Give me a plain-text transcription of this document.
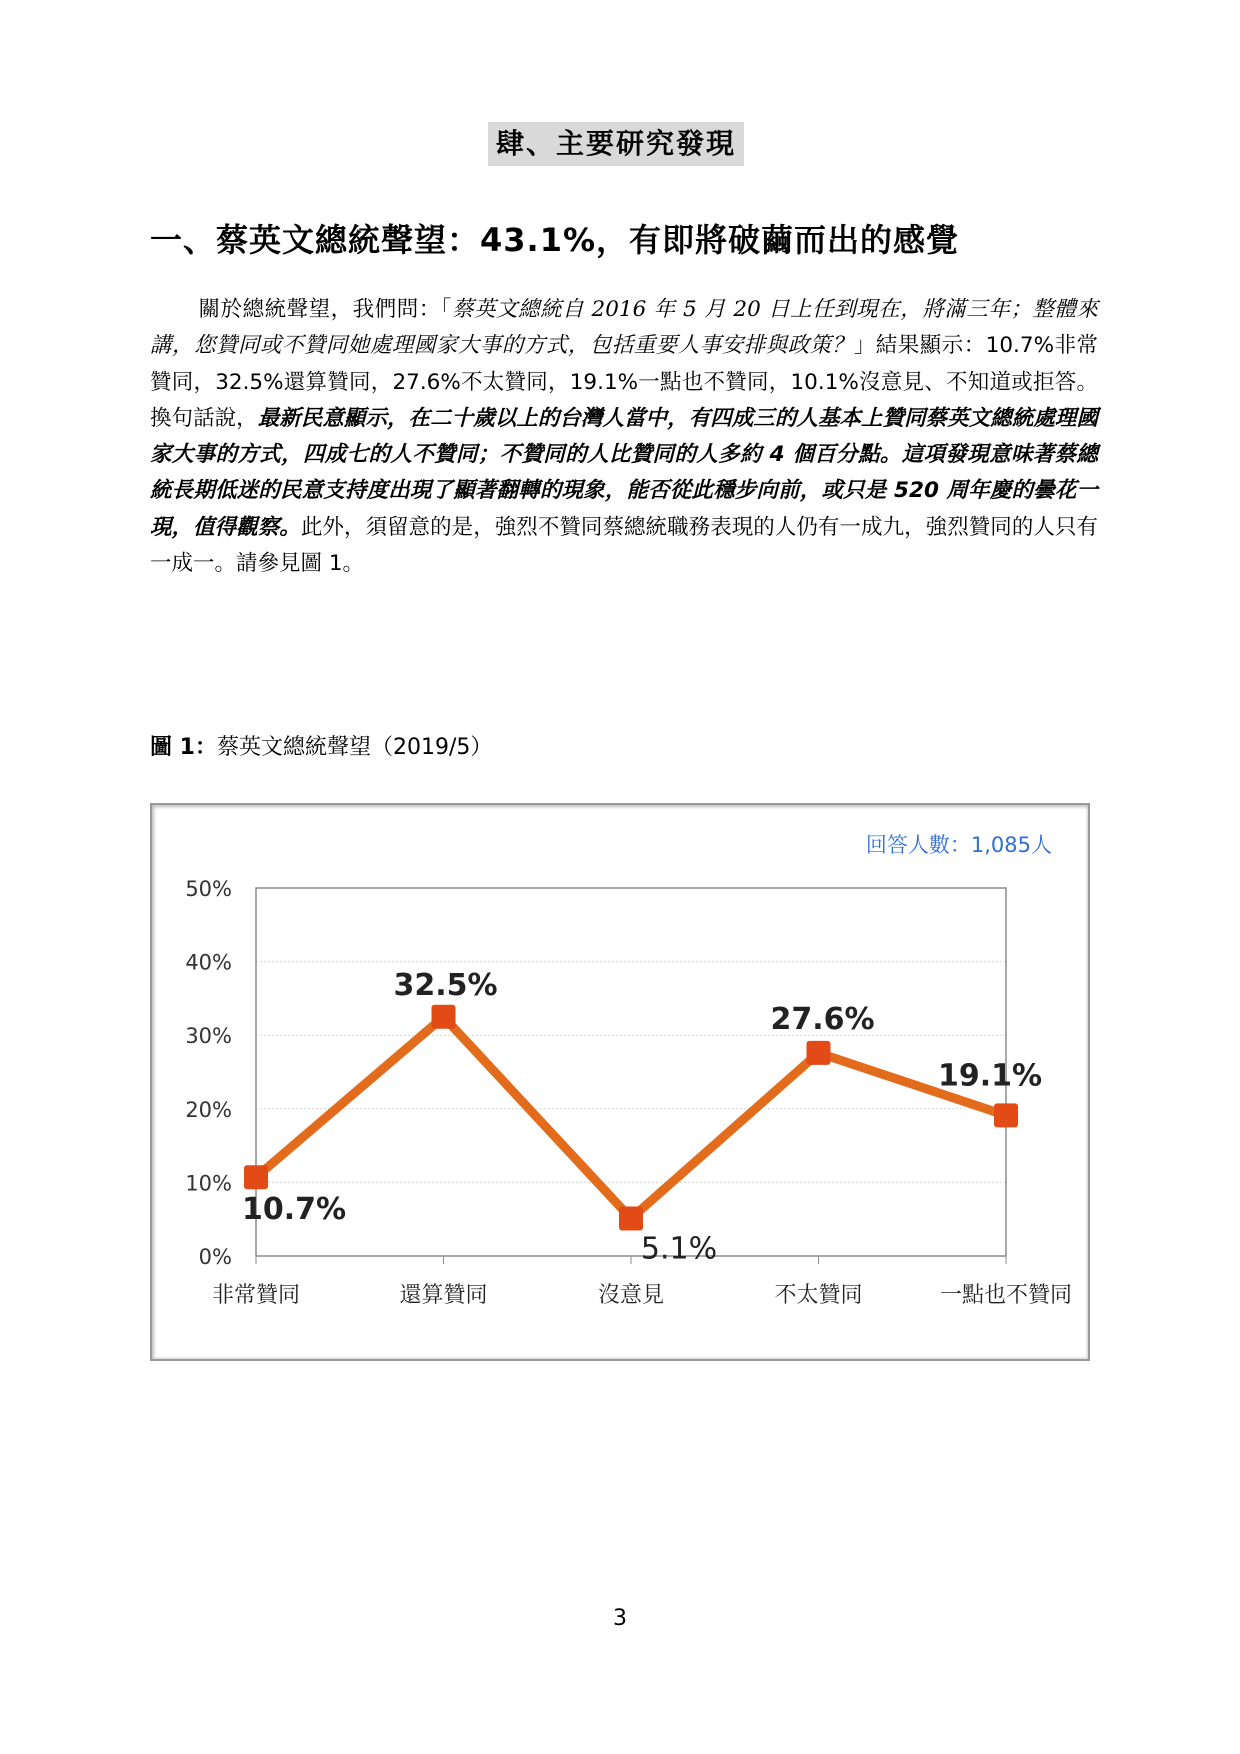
肆、主要研究發現
一、蔡英文總統聲望：43.1%，有即將破繭而出的感覺
關於總統聲望，我們問：「蔡英文總統自 2016 年 5 月 20 日上任到現在，將滿三年；整體來講，您贊同或不贊同她處理國家大事的方式，包括重要人事安排與政策？」結果顯示：10.7%非常贊同，32.5%還算贊同，27.6%不太贊同，19.1%一點也不贊同，10.1%沒意見、不知道或拒答。換句話說，最新民意顯示，在二十歲以上的台灣人當中，有四成三的人基本上贊同蔡英文總統處理國家大事的方式，四成七的人不贊同；不贊同的人比贊同的人多約 4 個百分點。這項發現意味著蔡總統長期低迷的民意支持度出現了顯著翻轉的現象，能否從此穩步向前，或只是 520 周年慶的曇花一現，值得觀察。此外，須留意的是，強烈不贊同蔡總統職務表現的人仍有一成九，強烈贊同的人只有一成一。請參見圖 1。
圖 1：蔡英文總統聲望（2019/5）
0%
10%
20%
30%
40%
50%
非常贊同	還算贊同	沒意見	不太贊同	一點也不贊同
10.7%
32.5%
5.1%
27.6%
19.1%
回答人數：1,085人
3
